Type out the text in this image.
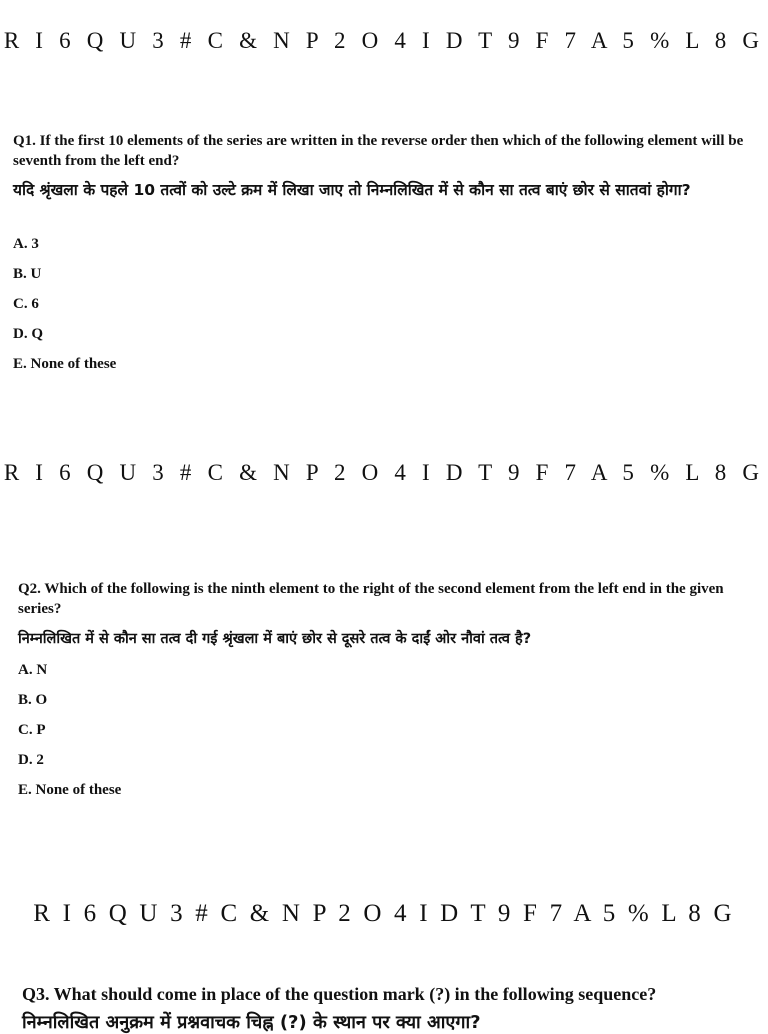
R I 6 Q U 3 # C & N P 2 O 4 I D T 9 F 7 A 5 % L 8 G
Q1. If the first 10 elements of the series are written in the reverse order then which of the following element will be seventh from the left end?
यदि श्रृंखला के पहले 10 तत्वों को उल्टे क्रम में लिखा जाए तो निम्नलिखित में से कौन सा तत्व बाएं छोर से सातवां होगा?
A. 3
B. U
C. 6
D. Q
E. None of these
R I 6 Q U 3 # C & N P 2 O 4 I D T 9 F 7 A 5 % L 8 G
Q2. Which of the following is the ninth element to the right of the second element from the left end in the given series?
निम्नलिखित में से कौन सा तत्व दी गई श्रृंखला में बाएं छोर से दूसरे तत्व के दाईं ओर नौवां तत्व है?
A. N
B. O
C. P
D. 2
E. None of these
R I 6 Q U 3 # C & N P 2 O 4 I D T 9 F 7 A 5 % L 8 G
Q3. What should come in place of the question mark (?) in the following sequence?
निम्नलिखित अनुक्रम में प्रश्नवाचक चिह्न (?) के स्थान पर क्या आएगा?
